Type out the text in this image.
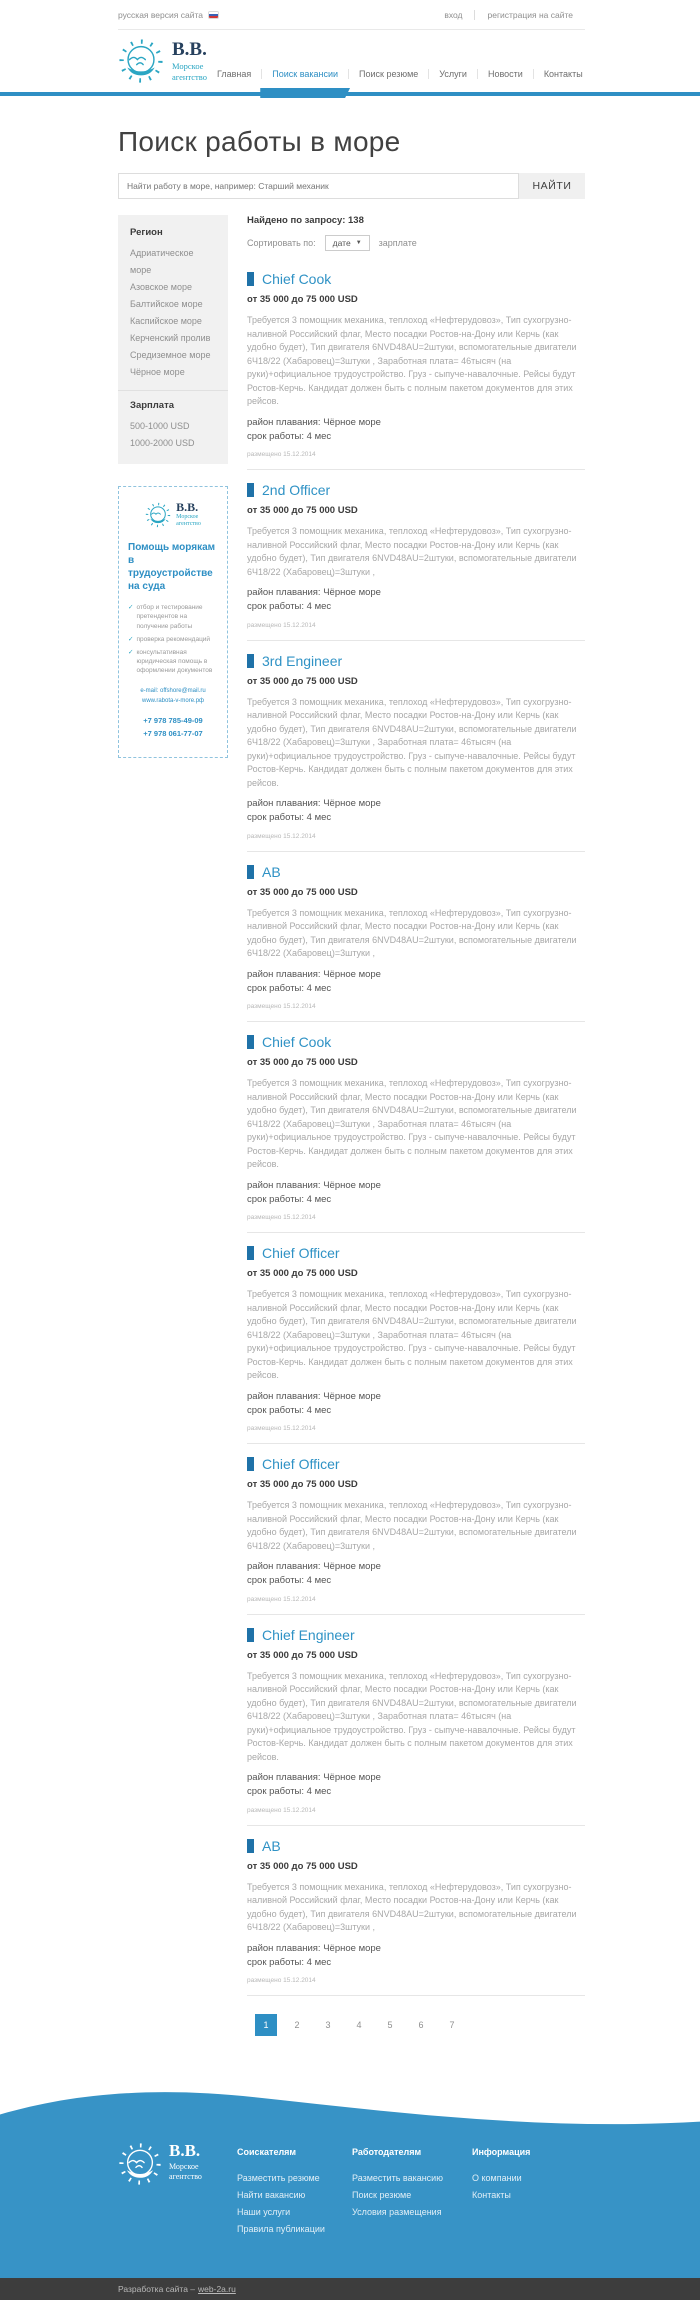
русская версия сайта	вход	регистрация на сайте
В.В.
Морское
агентство	Главная	Поиск вакансии	Поиск резюме	Услуги	Новости	Контакты
Поиск работы в море
Найти работу в море, например: Старший механик
НАЙТИ
Регион
Адриатическое море
Азовское море
Балтийское море
Каспийское море
Керченский пролив
Средиземное море
Чёрное море
Зарплата
500-1000 USD
1000-2000 USD
В.В.
Морское
агентство
Помощь морякам в трудоустройстве на суда
✓ отбор и тестирование претендентов на получение работы
✓ проверка рекомендаций
✓ консультативная юридическая помощь в оформлении документов
e-mail: offshore@mail.ru
www.rabota-v-more.рф
+7 978 785-49-09
+7 978 061-77-07
Найдено по запросу: 138
Сортировать по: дате ▼ зарплате
Chief Cook
от 35 000 до 75 000 USD
Требуется 3 помощник механика, теплоход «Нефтерудовоз», Тип сухогрузно-наливной Российский флаг, Место посадки Ростов-на-Дону или Керчь (как удобно будет), Тип двигателя 6NVD48AU=2штуки, вспомогательные двигатели 6Ч18/22 (Хабаровец)=3штуки , Заработная плата= 46тысяч (на руки)+официальное трудоустройство. Груз - сыпуче-навалочные. Рейсы будут Ростов-Керчь. Кандидат должен быть с полным пакетом документов для этих рейсов.
район плавания: Чёрное море
срок работы: 4 мес
размещено 15.12.2014
2nd Officer
от 35 000 до 75 000 USD
Требуется 3 помощник механика, теплоход «Нефтерудовоз», Тип сухогрузно-наливной Российский флаг, Место посадки Ростов-на-Дону или Керчь (как удобно будет), Тип двигателя 6NVD48AU=2штуки, вспомогательные двигатели 6Ч18/22 (Хабаровец)=3штуки ,
район плавания: Чёрное море
срок работы: 4 мес
размещено 15.12.2014
3rd Engineer
от 35 000 до 75 000 USD
Требуется 3 помощник механика, теплоход «Нефтерудовоз», Тип сухогрузно-наливной Российский флаг, Место посадки Ростов-на-Дону или Керчь (как удобно будет), Тип двигателя 6NVD48AU=2штуки, вспомогательные двигатели 6Ч18/22 (Хабаровец)=3штуки , Заработная плата= 46тысяч (на руки)+официальное трудоустройство. Груз - сыпуче-навалочные. Рейсы будут Ростов-Керчь. Кандидат должен быть с полным пакетом документов для этих рейсов.
район плавания: Чёрное море
срок работы: 4 мес
размещено 15.12.2014
AB
от 35 000 до 75 000 USD
Требуется 3 помощник механика, теплоход «Нефтерудовоз», Тип сухогрузно-наливной Российский флаг, Место посадки Ростов-на-Дону или Керчь (как удобно будет), Тип двигателя 6NVD48AU=2штуки, вспомогательные двигатели 6Ч18/22 (Хабаровец)=3штуки ,
район плавания: Чёрное море
срок работы: 4 мес
размещено 15.12.2014
Chief Cook
от 35 000 до 75 000 USD
Требуется 3 помощник механика, теплоход «Нефтерудовоз», Тип сухогрузно-наливной Российский флаг, Место посадки Ростов-на-Дону или Керчь (как удобно будет), Тип двигателя 6NVD48AU=2штуки, вспомогательные двигатели 6Ч18/22 (Хабаровец)=3штуки , Заработная плата= 46тысяч (на руки)+официальное трудоустройство. Груз - сыпуче-навалочные. Рейсы будут Ростов-Керчь. Кандидат должен быть с полным пакетом документов для этих рейсов.
район плавания: Чёрное море
срок работы: 4 мес
размещено 15.12.2014
Chief Officer
от 35 000 до 75 000 USD
Требуется 3 помощник механика, теплоход «Нефтерудовоз», Тип сухогрузно-наливной Российский флаг, Место посадки Ростов-на-Дону или Керчь (как удобно будет), Тип двигателя 6NVD48AU=2штуки, вспомогательные двигатели 6Ч18/22 (Хабаровец)=3штуки , Заработная плата= 46тысяч (на руки)+официальное трудоустройство. Груз - сыпуче-навалочные. Рейсы будут Ростов-Керчь. Кандидат должен быть с полным пакетом документов для этих рейсов.
район плавания: Чёрное море
срок работы: 4 мес
размещено 15.12.2014
Chief Officer
от 35 000 до 75 000 USD
Требуется 3 помощник механика, теплоход «Нефтерудовоз», Тип сухогрузно-наливной Российский флаг, Место посадки Ростов-на-Дону или Керчь (как удобно будет), Тип двигателя 6NVD48AU=2штуки, вспомогательные двигатели 6Ч18/22 (Хабаровец)=3штуки ,
район плавания: Чёрное море
срок работы: 4 мес
размещено 15.12.2014
Chief Engineer
от 35 000 до 75 000 USD
Требуется 3 помощник механика, теплоход «Нефтерудовоз», Тип сухогрузно-наливной Российский флаг, Место посадки Ростов-на-Дону или Керчь (как удобно будет), Тип двигателя 6NVD48AU=2штуки, вспомогательные двигатели 6Ч18/22 (Хабаровец)=3штуки , Заработная плата= 46тысяч (на руки)+официальное трудоустройство. Груз - сыпуче-навалочные. Рейсы будут Ростов-Керчь. Кандидат должен быть с полным пакетом документов для этих рейсов.
район плавания: Чёрное море
срок работы: 4 мес
размещено 15.12.2014
AB
от 35 000 до 75 000 USD
Требуется 3 помощник механика, теплоход «Нефтерудовоз», Тип сухогрузно-наливной Российский флаг, Место посадки Ростов-на-Дону или Керчь (как удобно будет), Тип двигателя 6NVD48AU=2штуки, вспомогательные двигатели 6Ч18/22 (Хабаровец)=3штуки ,
район плавания: Чёрное море
срок работы: 4 мес
размещено 15.12.2014
1	2	3	4	5	6	7
В.В.
Морское
агентство
Соискателям
Разместить резюме
Найти вакансию
Наши услуги
Правила публикации
Работодателям
Разместить вакансию
Поиск резюме
Условия размещения
Информация
О компании
Контакты
Разработка сайта – web-2a.ru
